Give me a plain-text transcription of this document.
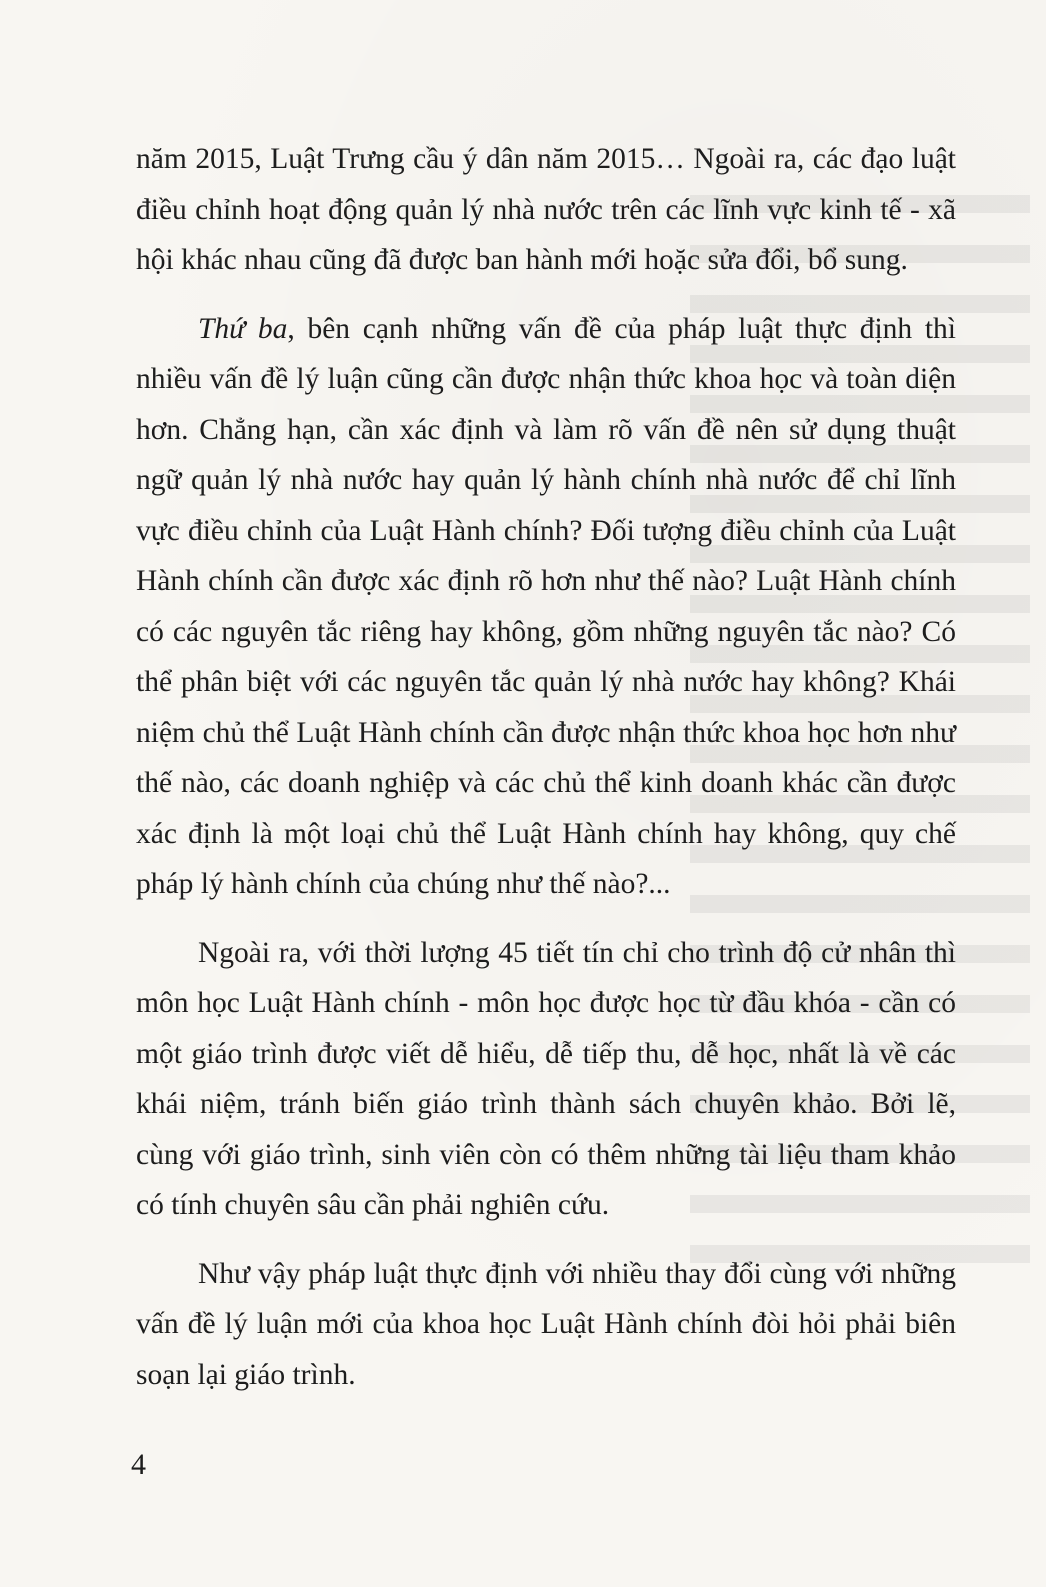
năm 2015, Luật Trưng cầu ý dân năm 2015… Ngoài ra, các đạo luật điều chỉnh hoạt động quản lý nhà nước trên các lĩnh vực kinh tế - xã hội khác nhau cũng đã được ban hành mới hoặc sửa đổi, bổ sung.

Thứ ba, bên cạnh những vấn đề của pháp luật thực định thì nhiều vấn đề lý luận cũng cần được nhận thức khoa học và toàn diện hơn. Chẳng hạn, cần xác định và làm rõ vấn đề nên sử dụng thuật ngữ quản lý nhà nước hay quản lý hành chính nhà nước để chỉ lĩnh vực điều chỉnh của Luật Hành chính? Đối tượng điều chỉnh của Luật Hành chính cần được xác định rõ hơn như thế nào? Luật Hành chính có các nguyên tắc riêng hay không, gồm những nguyên tắc nào? Có thể phân biệt với các nguyên tắc quản lý nhà nước hay không? Khái niệm chủ thể Luật Hành chính cần được nhận thức khoa học hơn như thế nào, các doanh nghiệp và các chủ thể kinh doanh khác cần được xác định là một loại chủ thể Luật Hành chính hay không, quy chế pháp lý hành chính của chúng như thế nào?...

Ngoài ra, với thời lượng 45 tiết tín chỉ cho trình độ cử nhân thì môn học Luật Hành chính - môn học được học từ đầu khóa - cần có một giáo trình được viết dễ hiểu, dễ tiếp thu, dễ học, nhất là về các khái niệm, tránh biến giáo trình thành sách chuyên khảo. Bởi lẽ, cùng với giáo trình, sinh viên còn có thêm những tài liệu tham khảo có tính chuyên sâu cần phải nghiên cứu.

Như vậy pháp luật thực định với nhiều thay đổi cùng với những vấn đề lý luận mới của khoa học Luật Hành chính đòi hỏi phải biên soạn lại giáo trình.

4
